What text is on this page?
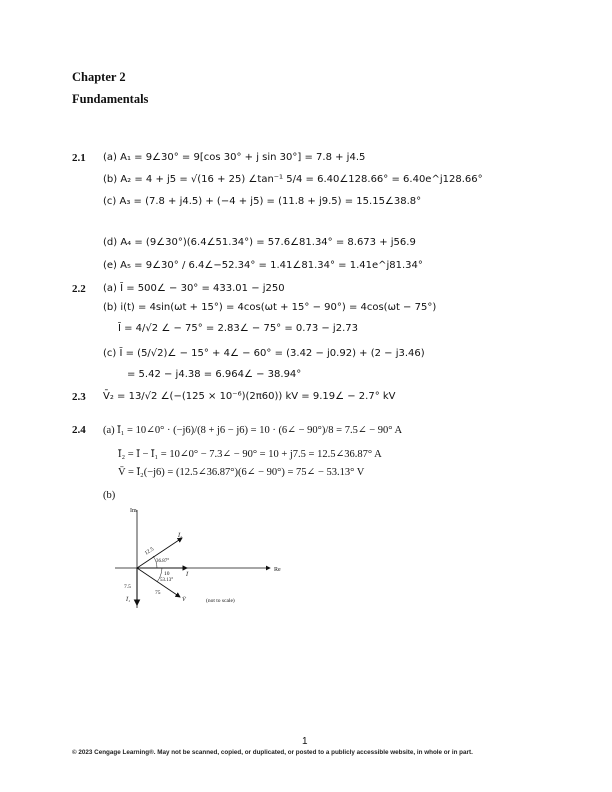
Chapter 2
Fundamentals
2.1 (a) A₁ = 9∠30° = 9[cos 30° + j sin 30°] = 7.8 + j4.5
(b) A₂ = 4 + j5 = √(16 + 25) ∠tan⁻¹ 5/4 = 6.40∠128.66° = 6.40e^j128.66°
(c) A₃ = (7.8 + j4.5) + (−4 + j5) = (11.8 + j9.5) = 15.15∠38.8°
(d) A₄ = (9∠30°)(6.4∠51.34°) = 57.6∠81.34° = 8.673 + j56.9
(e) A₅ = 9∠30° / 6.4∠−52.34° = 1.41∠81.34° = 1.41e^j81.34°
2.2 (a) Ī = 500∠ − 30° = 433.01 − j250
(b) i(t) = 4sin(ωt + 15°) = 4cos(ωt + 15° − 90°) = 4cos(ωt − 75°)
Ī = 4/√2 ∠ − 75° = 2.83∠ − 75° = 0.73 − j2.73
(c) Ī = (5/√2)∠ − 15° + 4∠ − 60° = (3.42 − j0.92) + (2 − j3.46)
= 5.42 − j4.38 = 6.964∠ − 38.94°
2.3 V̄₂ = 13/√2 ∠(−(125 × 10⁻⁶)(2π60)) kV = 9.19∠ − 2.7° kV
2.4 (a) Ī₁ = 10∠0° · (−j6)/(8 + j6 − j6) = 10 · (6∠ − 90°)/8 = 7.5∠ − 90° A
Ī₂ = Ī − Ī₁ = 10∠0° − 7.3∠ − 90° = 10 + j7.5 = 12.5∠36.87° A
V̄ = Ī₂(−j6) = (12.5∠36.87°)(6∠ − 90°) = 75∠ − 53.13° V
(b)
Im
Re
Ī₂
12.5
36.87°
10	Ī
53.13°
7.5
Ī₁
75
V̄	(not to scale)
1
© 2023 Cengage Learning®. May not be scanned, copied, or duplicated, or posted to a publicly accessible website, in whole or in part.
